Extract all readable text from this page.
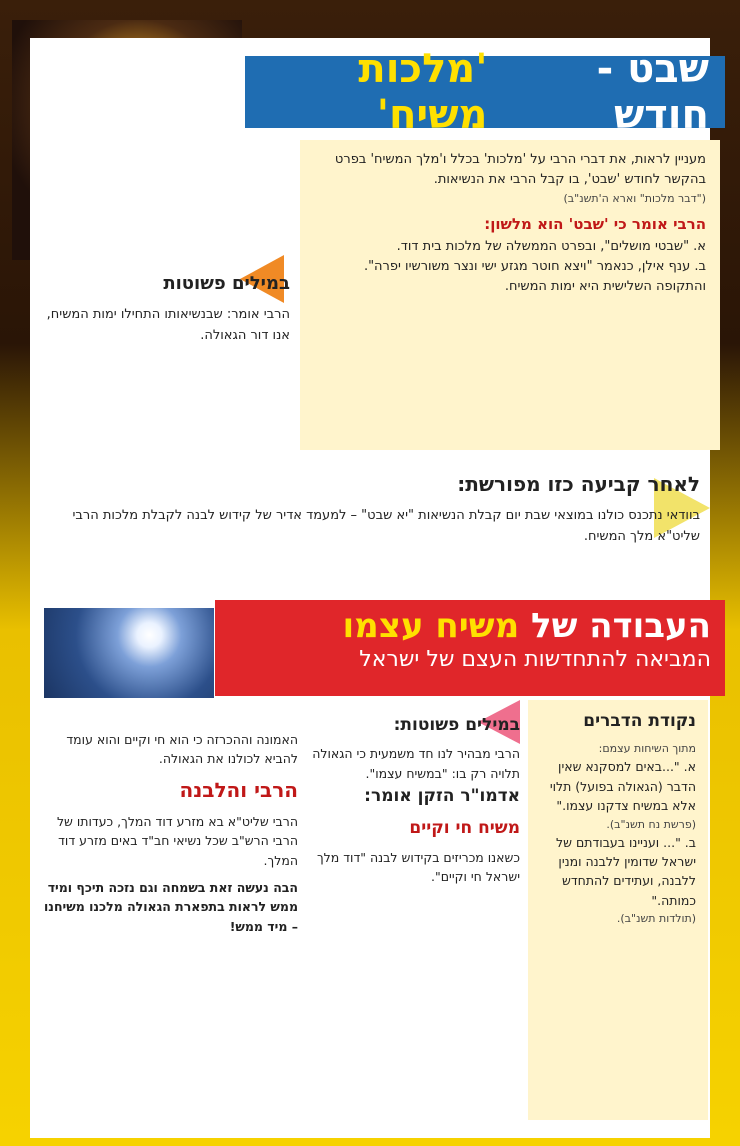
שבט - חודש
'מלכות משיח'
מעניין לראות, את דברי הרבי על 'מלכות' בכלל ו'מלך המשיח' בפרט בהקשר לחודש 'שבט', בו קבל הרבי את הנשיאות.
("דבר מלכות" וארא ה'תשנ"ב)
הרבי אומר כי 'שבט' הוא מלשון:
א. "שבטי מושלים", ובפרט הממשלה של מלכות בית דוד.
ב. ענף אילן, כנאמר "ויצא חוטר מגזע ישי ונצר משורשיו יפרה".
והתקופה השלישית היא ימות המשיח.
במילים פשוטות
הרבי אומר: שבנשיאותו התחילו ימות המשיח, אנו דור הגאולה.
לאחר קביעה כזו מפורשת:
בוודאי נתכנס כולנו במוצאי שבת יום קבלת הנשיאות "יא שבט" – למעמד אדיר של קידוש לבנה לקבלת מלכות הרבי שליט"א מלך המשיח.
העבודה של משיח עצמו
המביאה להתחדשות העצם של ישראל
נקודת הדברים
מתוך השיחות עצמם:
א. "...באים למסקנא שאין הדבר (הגאולה בפועל) תלוי אלא במשיח צדקנו עצמו."
(פרשת נח תשנ"ב).
ב. "... ועניינו בעבודתם של ישראל שדומין ללבנה ומנין ללבנה, ועתידים להתחדש כמותה."
(תולדות תשנ"ב).
במילים פשוטות:
הרבי מבהיר לנו חד משמעית כי הגאולה תלויה רק בו: "במשיח עצמו".
אדמו"ר הזקן אומר:
משיח חי וקיים
כשאנו מכריזים בקידוש לבנה "דוד מלך ישראל חי וקיים".
האמונה וההכרזה כי הוא חי וקיים והוא עומד להביא לכולנו את הגאולה.
הרבי והלבנה
הרבי שליט"א בא מזרע דוד המלך, כעדותו של הרבי הרש"ב שכל נשיאי חב"ד באים מזרע דוד המלך.
הבה נעשה זאת בשמחה וגם נזכה תיכף ומיד ממש לראות בתפארת הגאולה מלכנו משיחנו – מיד ממש!
